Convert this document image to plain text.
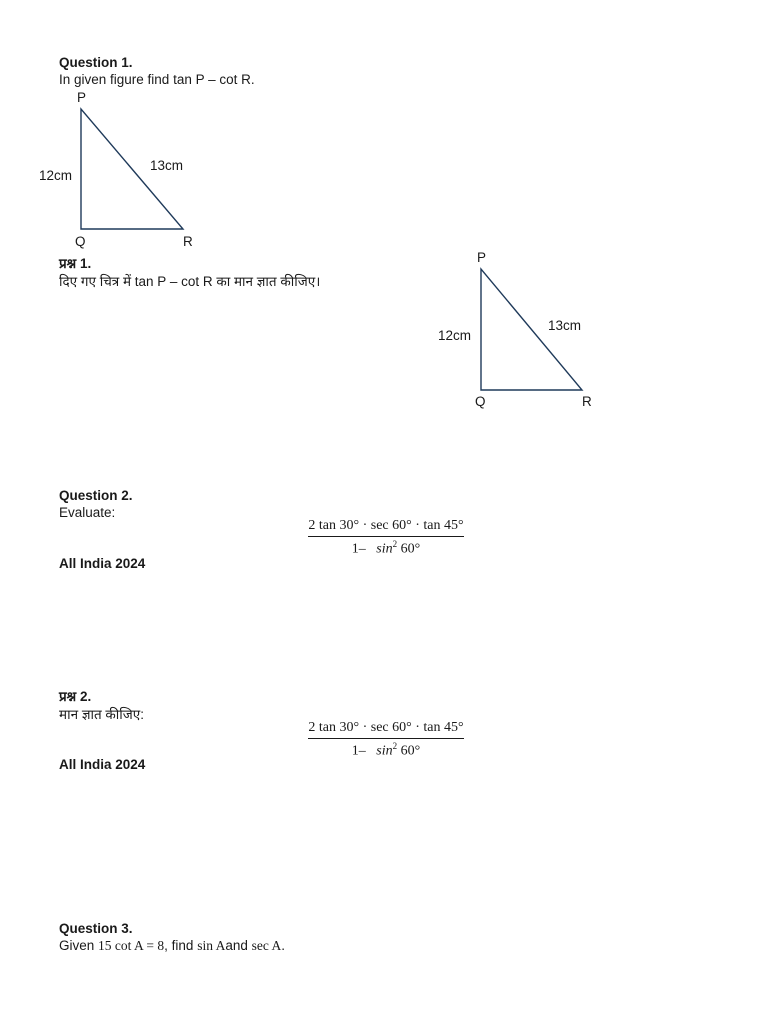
Question 1.
In given figure find tan P – cot R.
P
Q	R
12cm
13cm
प्रश्न 1.
दिए गए चित्र में tan P – cot R का मान ज्ञात कीजिए।
P
Q	R
12cm
13cm
Question 2.
Evaluate:
2 tan 30° · sec 60° · tan 45°
1– $\sin^2 60^\circ$
All India 2024
प्रश्न 2.
मान ज्ञात कीजिए:
2 tan 30° · sec 60° · tan 45°
1– $\sin^2 60^\circ$
All India 2024
Question 3.
Given 15 cot A = 8, find sin Aand sec A.
